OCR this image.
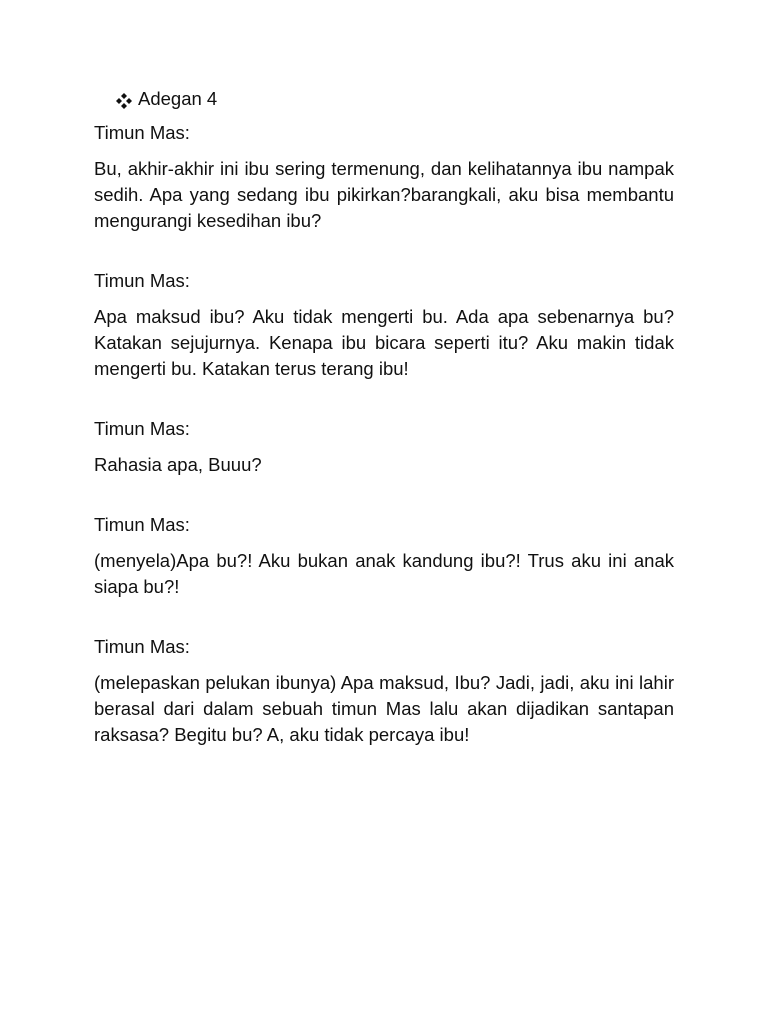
Adegan 4
Timun Mas:
Bu, akhir-akhir ini ibu sering termenung, dan kelihatannya ibu nampak sedih. Apa yang sedang ibu pikirkan?barangkali, aku bisa membantu mengurangi kesedihan ibu?
Timun Mas:
Apa maksud ibu? Aku tidak mengerti bu. Ada apa sebenarnya bu? Katakan sejujurnya. Kenapa ibu bicara seperti itu? Aku makin tidak mengerti bu. Katakan terus terang ibu!
Timun Mas:
Rahasia apa, Buuu?
Timun Mas:
(menyela)Apa bu?! Aku bukan anak kandung ibu?! Trus aku ini anak siapa bu?!
Timun Mas:
(melepaskan pelukan ibunya) Apa maksud, Ibu? Jadi, jadi, aku ini lahir berasal dari dalam sebuah timun Mas lalu akan dijadikan santapan raksasa? Begitu bu? A, aku tidak percaya ibu!
